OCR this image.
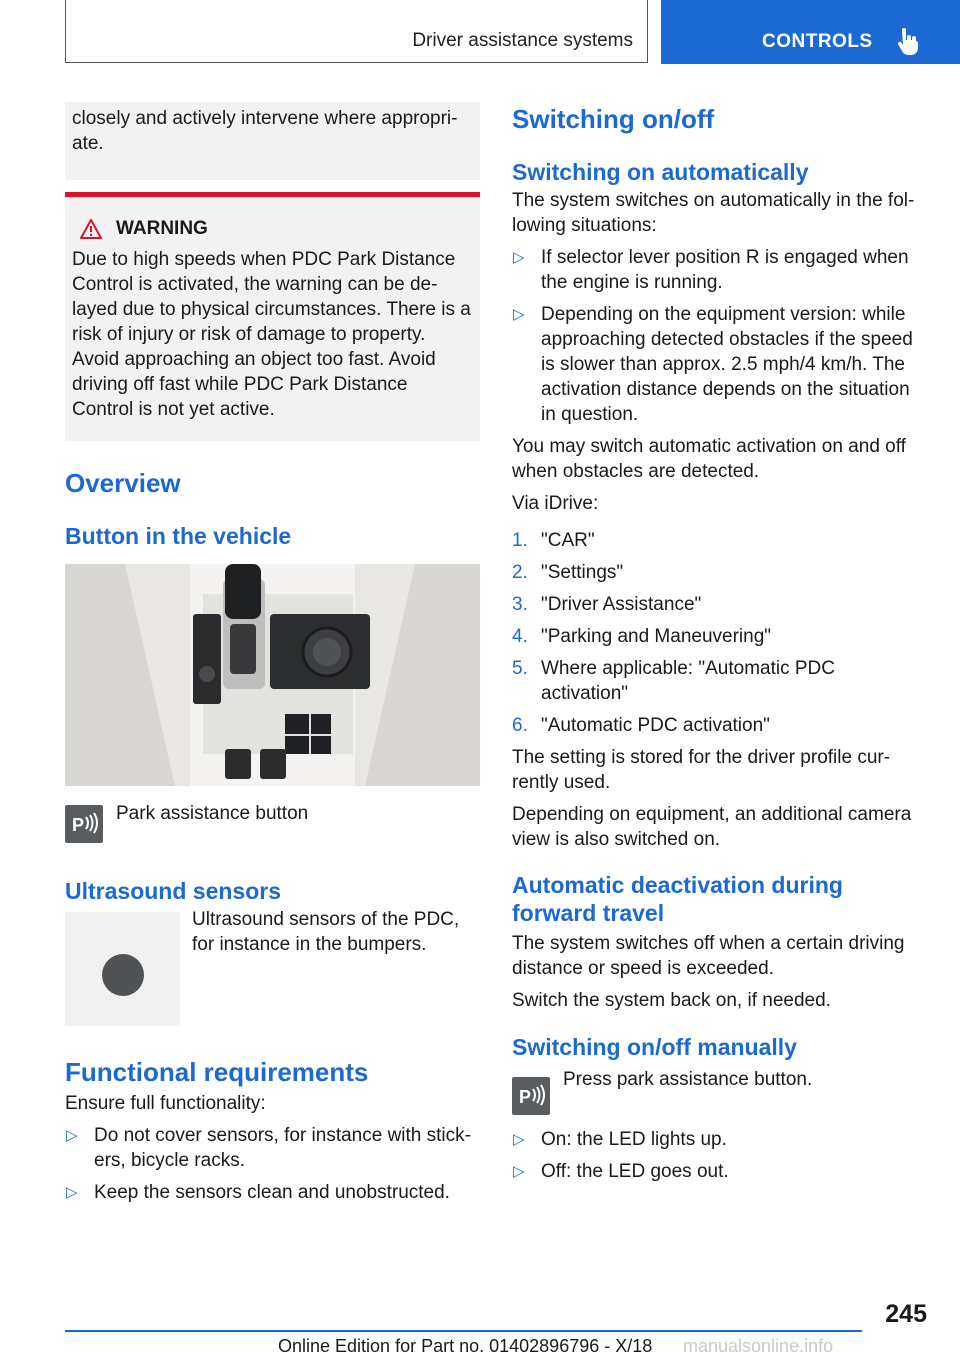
Driver assistance systems	CONTROLS

closely and actively intervene where appropri‐ate.

WARNING

Due to high speeds when PDC Park Distance Control is activated, the warning can be de‐layed due to physical circumstances. There is a risk of injury or risk of damage to property. Avoid approaching an object too fast. Avoid driving off fast while PDC Park Distance Control is not yet active.

Overview
Button in the vehicle
P
Park assistance button
Ultrasound sensors
Ultrasound sensors of the PDC, for instance in the bumpers.
Functional requirements

Ensure full functionality:

▷ Do not cover sensors, for instance with stick‐ers, bicycle racks.
▷ Keep the sensors clean and unobstructed.
Switching on/off
Switching on automatically

The system switches on automatically in the fol‐lowing situations:

▷ If selector lever position R is engaged when the engine is running.
▷ Depending on the equipment version: while approaching detected obstacles if the speed is slower than approx. 2.5 mph/4 km/h. The activation distance depends on the situation in question.

You may switch automatic activation on and off when obstacles are detected.

Via iDrive:

1. "CAR"
2. "Settings"
3. "Driver Assistance"
4. "Parking and Maneuvering"
5. Where applicable: "Automatic PDC activation"
6. "Automatic PDC activation"

The setting is stored for the driver profile cur‐rently used.

Depending on equipment, an additional camera view is also switched on.

Automatic deactivation during forward travel

The system switches off when a certain driving distance or speed is exceeded.

Switch the system back on, if needed.

Switching on/off manually
P
Press park assistance button.
▷ On: the LED lights up.
▷ Off: the LED goes out.
245
Online Edition for Part no. 01402896796 - X/18 manualsonline.info
